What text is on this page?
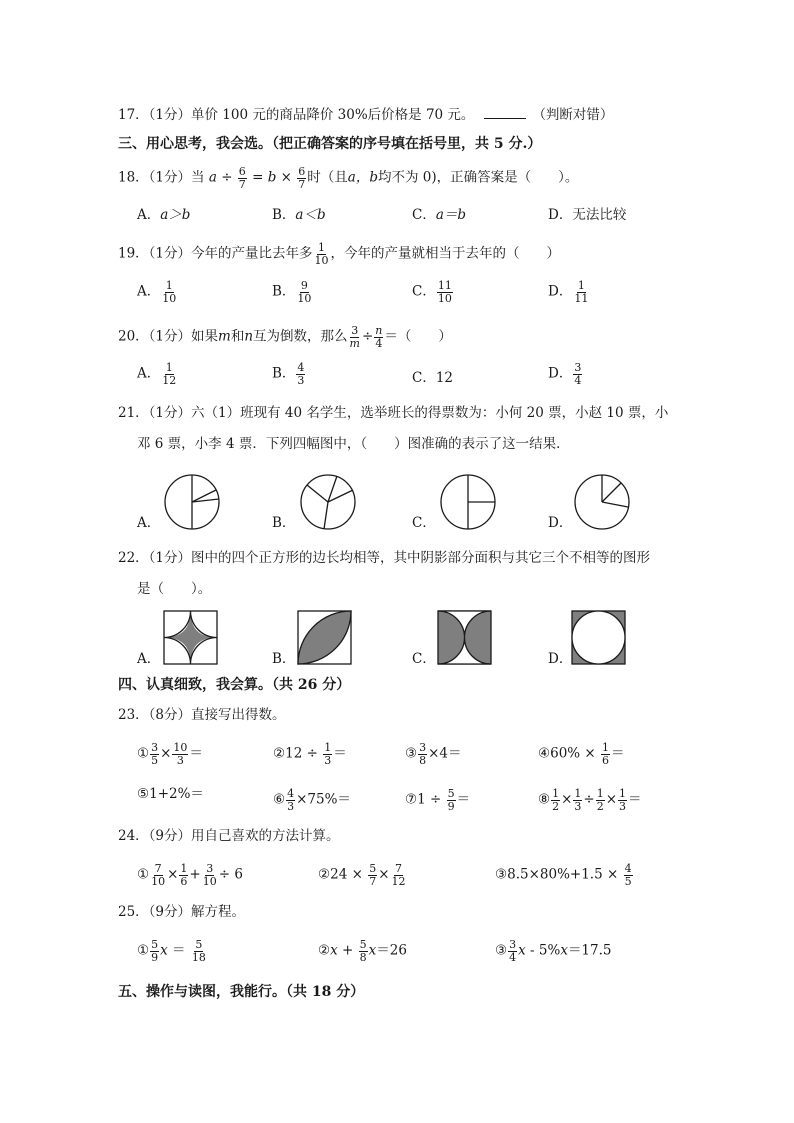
17．（1分）单价 100 元的商品降价 30%后价格是 70 元。	（判断对错）
三、用心思考，我会选。（把正确答案的序号填在括号里，共 5 分.）
18．（1分）当 $a \div \frac{6}{7} = b \times \frac{6}{7}$ 时（且a，b均不为 0)，正确答案是（　　）。
A．a＞b	B．a＜b	C．a＝b	D．无法比较
19．（1分）今年的产量比去年多 $\frac{1}{10}$ ，今年的产量就相当于去年的（　　）
A． $\frac{1}{10}$	B． $\frac{9}{10}$	C． $\frac{11}{10}$	D． $\frac{1}{11}$
20．（1分）如果m和n互为倒数，那么 $\frac{3}{m} \div \frac{n}{4}$ ＝（　　）
A． $\frac{1}{12}$	B． $\frac{4}{3}$	C．12	D． $\frac{3}{4}$
21．（1分）六（1）班现有 40 名学生，选举班长的得票数为：小何 20 票，小赵 10 票，小
邓 6 票，小李 4 票．下列四幅图中，（　　）图准确的表示了这一结果．
A．	B．	C．	D．
22．（1分）图中的四个正方形的边长均相等，其中阴影部分面积与其它三个不相等的图形
是（　　）。
A．	B．	C．	D．
四、认真细致，我会算。（共 26 分）
23．（8分）直接写出得数。
① $\frac{3}{5} \times \frac{10}{3}$ ＝	②12 ÷ $\frac{1}{3}$ ＝	③ $\frac{3}{8} \times 4=$	④60% × $\frac{1}{6}$ ＝
⑤1+2%＝	⑥ $\frac{4}{3} \times 75\%=$	⑦1 ÷ $\frac{5}{9}$ ＝	⑧ $\frac{1}{2} \times \frac{1}{3} \div \frac{1}{2} \times \frac{1}{3}$ ＝
24．（9分）用自己喜欢的方法计算。
① $\frac{7}{10} \times \frac{1}{6} + \frac{3}{10} \div 6$	②24 × $\frac{5}{7} \times \frac{7}{12}$	③8.5×80%+1.5 × $\frac{4}{5}$
25．（9分）解方程。
① $\frac{5}{9}$ $x = \frac{5}{18}$	②x + $\frac{5}{8} x=26$	③ $\frac{3}{4}$ x - 5%x＝17.5
五、操作与读图，我能行。（共 18 分）
